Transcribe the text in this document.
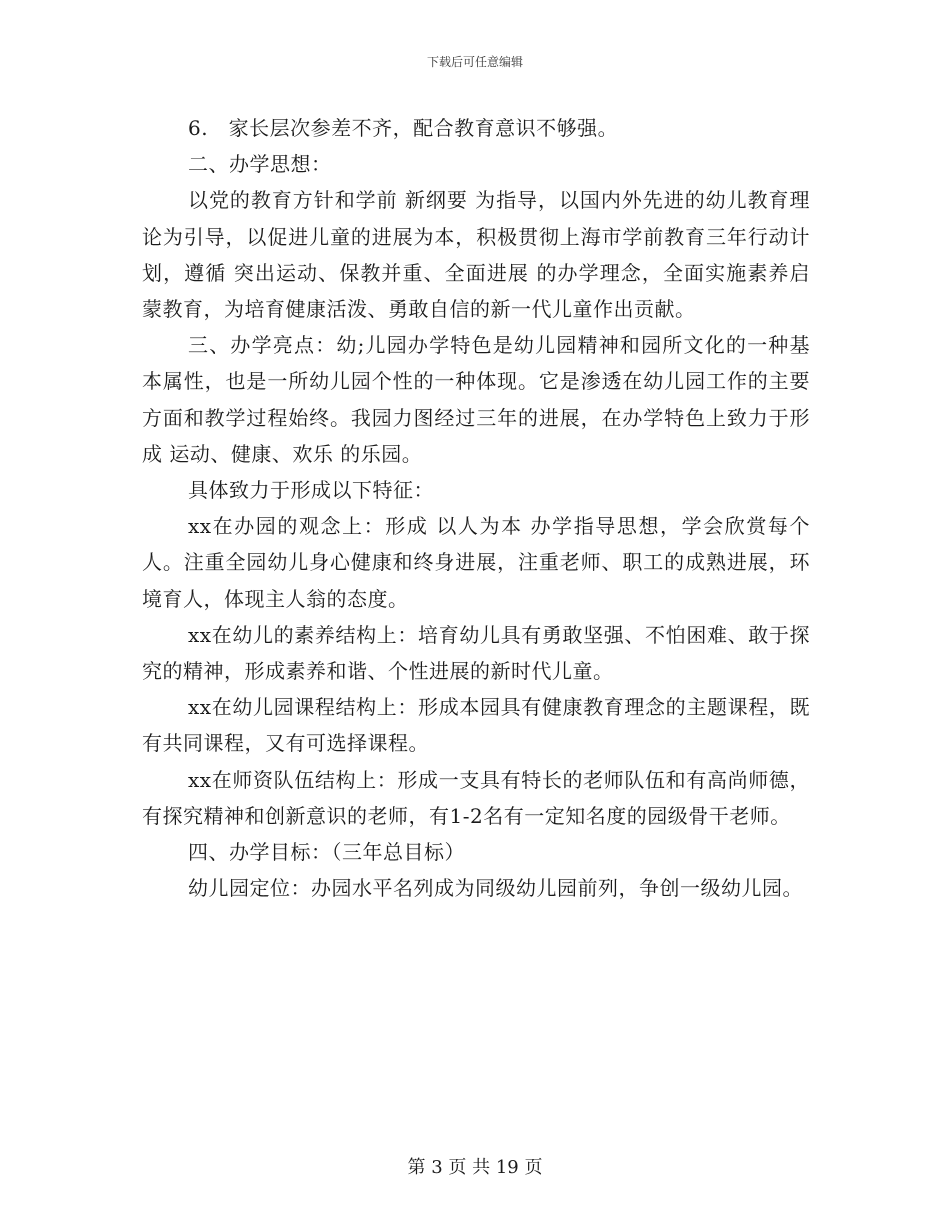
下载后可任意编辑

6.　家长层次参差不齐，配合教育意识不够强。

二、办学思想：

以党的教育方针和学前 新纲要 为指导，以国内外先进的幼儿教育理论为引导，以促进儿童的进展为本，积极贯彻上海市学前教育三年行动计划，遵循 突出运动、保教并重、全面进展 的办学理念，全面实施素养启蒙教育，为培育健康活泼、勇敢自信的新一代儿童作出贡献。

三、办学亮点：幼;儿园办学特色是幼儿园精神和园所文化的一种基本属性，也是一所幼儿园个性的一种体现。它是渗透在幼儿园工作的主要方面和教学过程始终。我园力图经过三年的进展，在办学特色上致力于形成 运动、健康、欢乐 的乐园。

具体致力于形成以下特征：

xx在办园的观念上：形成 以人为本 办学指导思想，学会欣赏每个人。注重全园幼儿身心健康和终身进展，注重老师、职工的成熟进展，环境育人，体现主人翁的态度。

xx在幼儿的素养结构上：培育幼儿具有勇敢坚强、不怕困难、敢于探究的精神，形成素养和谐、个性进展的新时代儿童。

xx在幼儿园课程结构上：形成本园具有健康教育理念的主题课程，既有共同课程，又有可选择课程。

xx在师资队伍结构上：形成一支具有特长的老师队伍和有高尚师德，有探究精神和创新意识的老师，有1-2名有一定知名度的园级骨干老师。

四、办学目标：（三年总目标）

幼儿园定位：办园水平名列成为同级幼儿园前列，争创一级幼儿园。

第 3 页 共 19 页
